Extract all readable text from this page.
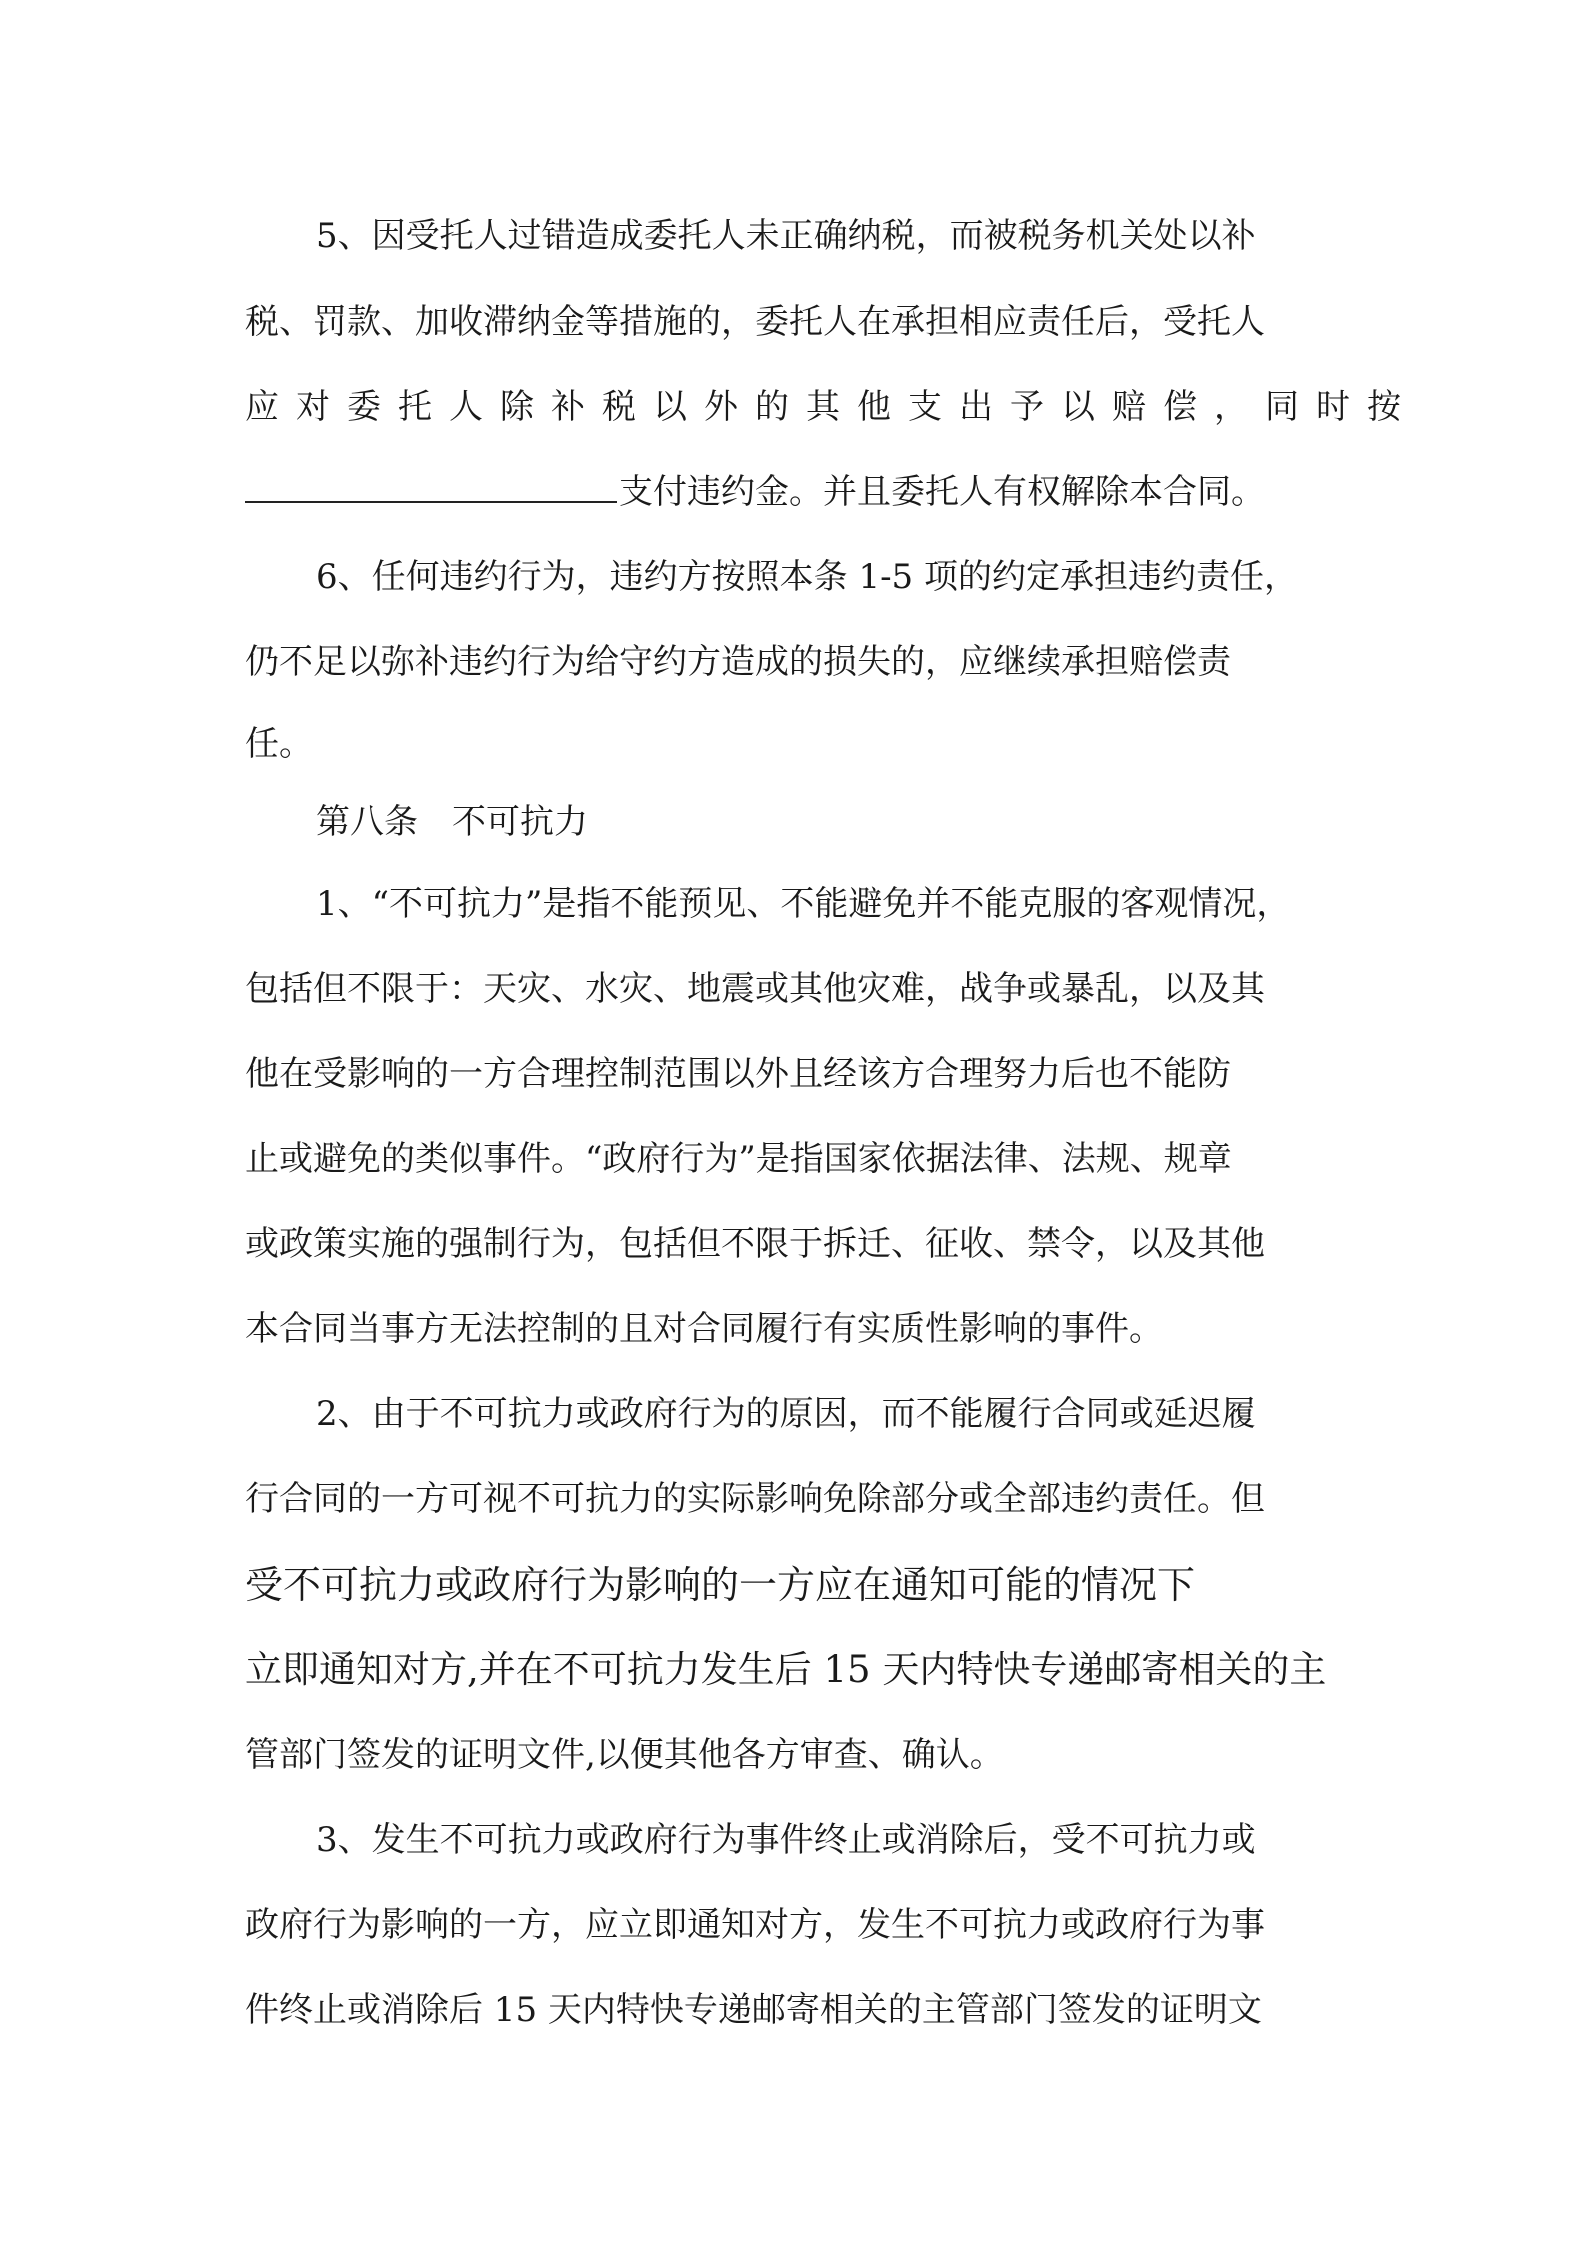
5、因受托人过错造成委托人未正确纳税，而被税务机关处以补
税、罚款、加收滞纳金等措施的，委托人在承担相应责任后，受托人
应对委托人除补税以外的其他支出予以赔偿， 同时按
支付违约金。并且委托人有权解除本合同。
6、任何违约行为，违约方按照本条 1-5 项的约定承担违约责任，
仍不足以弥补违约行为给守约方造成的损失的，应继续承担赔偿责
任。
第八条　不可抗力
1、“不可抗力”是指不能预见、不能避免并不能克服的客观情况，
包括但不限于：天灾、水灾、地震或其他灾难，战争或暴乱，以及其
他在受影响的一方合理控制范围以外且经该方合理努力后也不能防
止或避免的类似事件。“政府行为”是指国家依据法律、法规、规章
或政策实施的强制行为，包括但不限于拆迁、征收、禁令，以及其他
本合同当事方无法控制的且对合同履行有实质性影响的事件。
2、由于不可抗力或政府行为的原因，而不能履行合同或延迟履
行合同的一方可视不可抗力的实际影响免除部分或全部违约责任。但
受不可抗力或政府行为影响的一方应在通知可能的情况下
立即通知对方,并在不可抗力发生后 15 天内特快专递邮寄相关的主
管部门签发的证明文件,以便其他各方审查、确认。
3、发生不可抗力或政府行为事件终止或消除后，受不可抗力或
政府行为影响的一方，应立即通知对方，发生不可抗力或政府行为事
件终止或消除后 15 天内特快专递邮寄相关的主管部门签发的证明文
